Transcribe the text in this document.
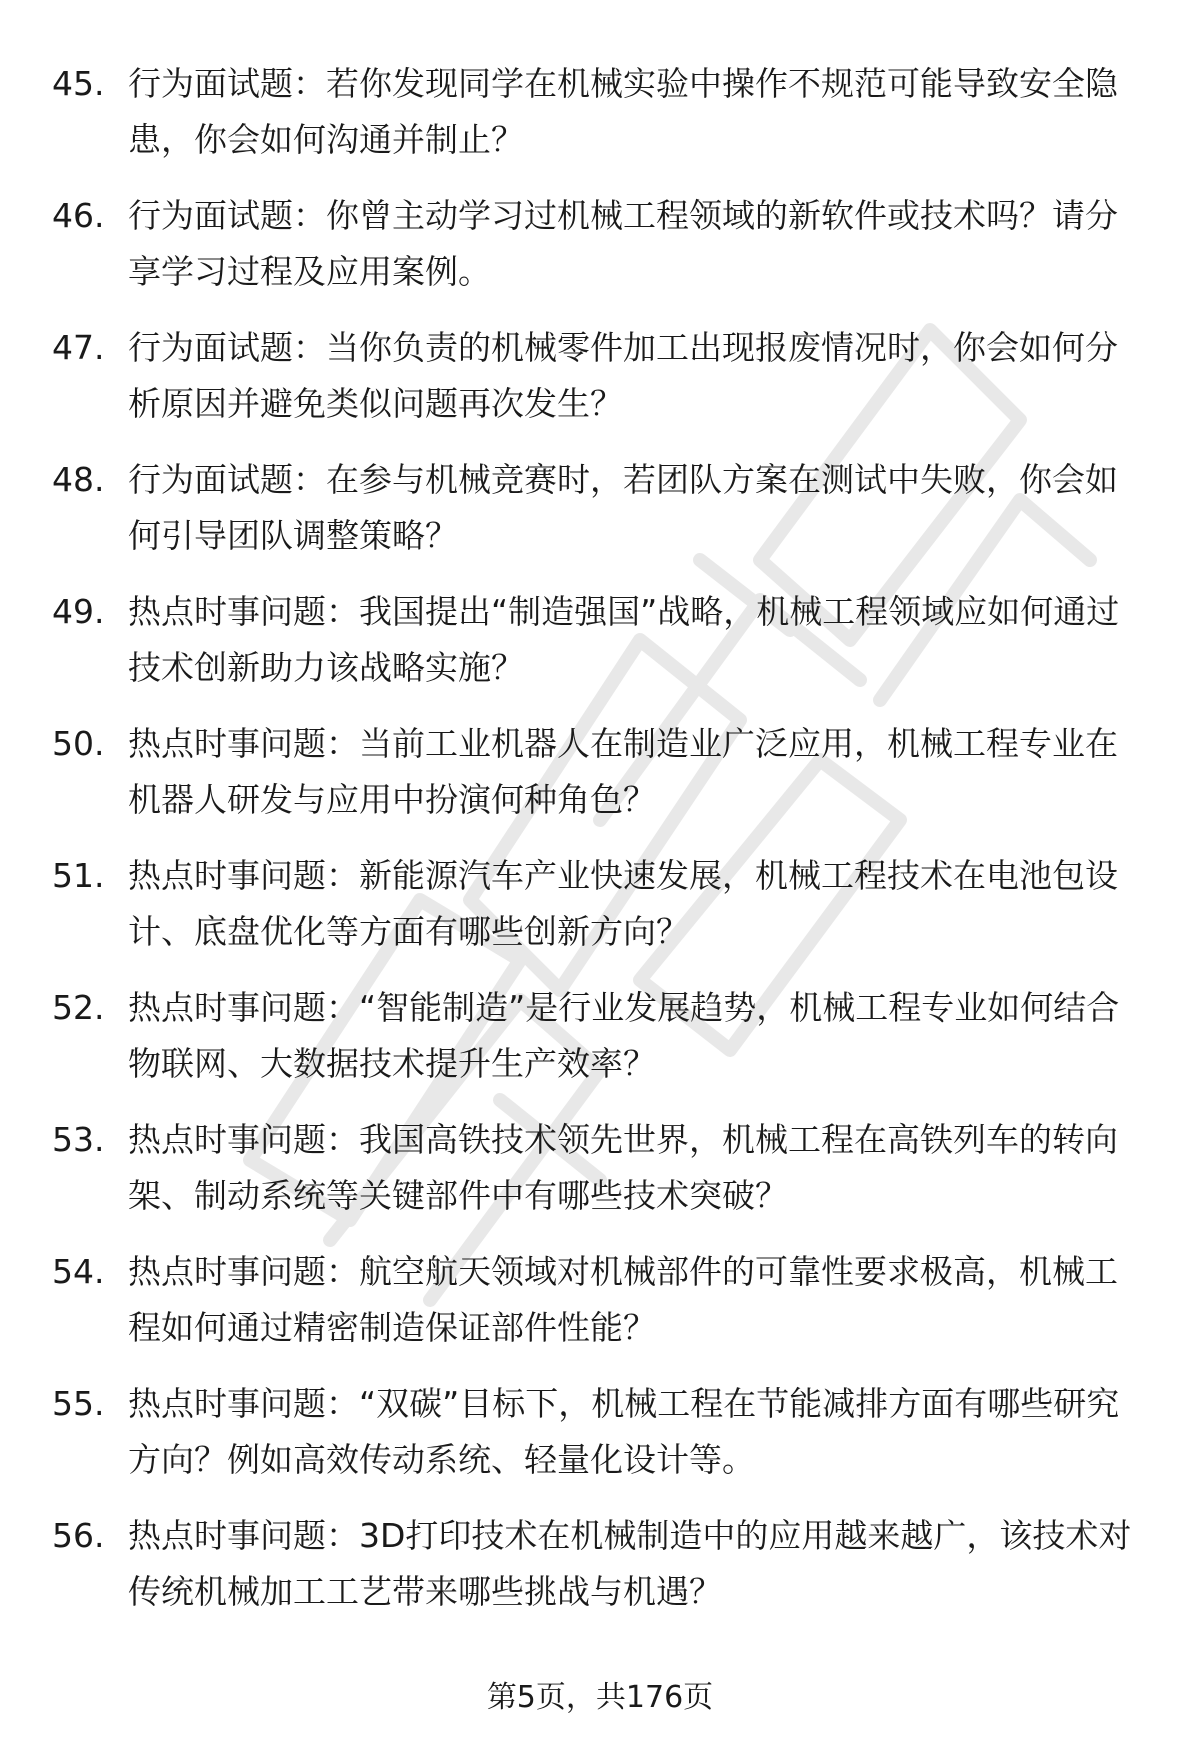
45. 行为面试题：若你发现同学在机械实验中操作不规范可能导致安全隐患，你会如何沟通并制止？
46. 行为面试题：你曾主动学习过机械工程领域的新软件或技术吗？请分享学习过程及应用案例。
47. 行为面试题：当你负责的机械零件加工出现报废情况时，你会如何分析原因并避免类似问题再次发生？
48. 行为面试题：在参与机械竞赛时，若团队方案在测试中失败，你会如何引导团队调整策略？
49. 热点时事问题：我国提出“制造强国”战略，机械工程领域应如何通过技术创新助力该战略实施？
50. 热点时事问题：当前工业机器人在制造业广泛应用，机械工程专业在机器人研发与应用中扮演何种角色？
51. 热点时事问题：新能源汽车产业快速发展，机械工程技术在电池包设计、底盘优化等方面有哪些创新方向？
52. 热点时事问题：“智能制造”是行业发展趋势，机械工程专业如何结合物联网、大数据技术提升生产效率？
53. 热点时事问题：我国高铁技术领先世界，机械工程在高铁列车的转向架、制动系统等关键部件中有哪些技术突破？
54. 热点时事问题：航空航天领域对机械部件的可靠性要求极高，机械工程如何通过精密制造保证部件性能？
55. 热点时事问题：“双碳”目标下，机械工程在节能减排方面有哪些研究方向？例如高效传动系统、轻量化设计等。
56. 热点时事问题：3D打印技术在机械制造中的应用越来越广，该技术对传统机械加工工艺带来哪些挑战与机遇？
第5页，共176页
